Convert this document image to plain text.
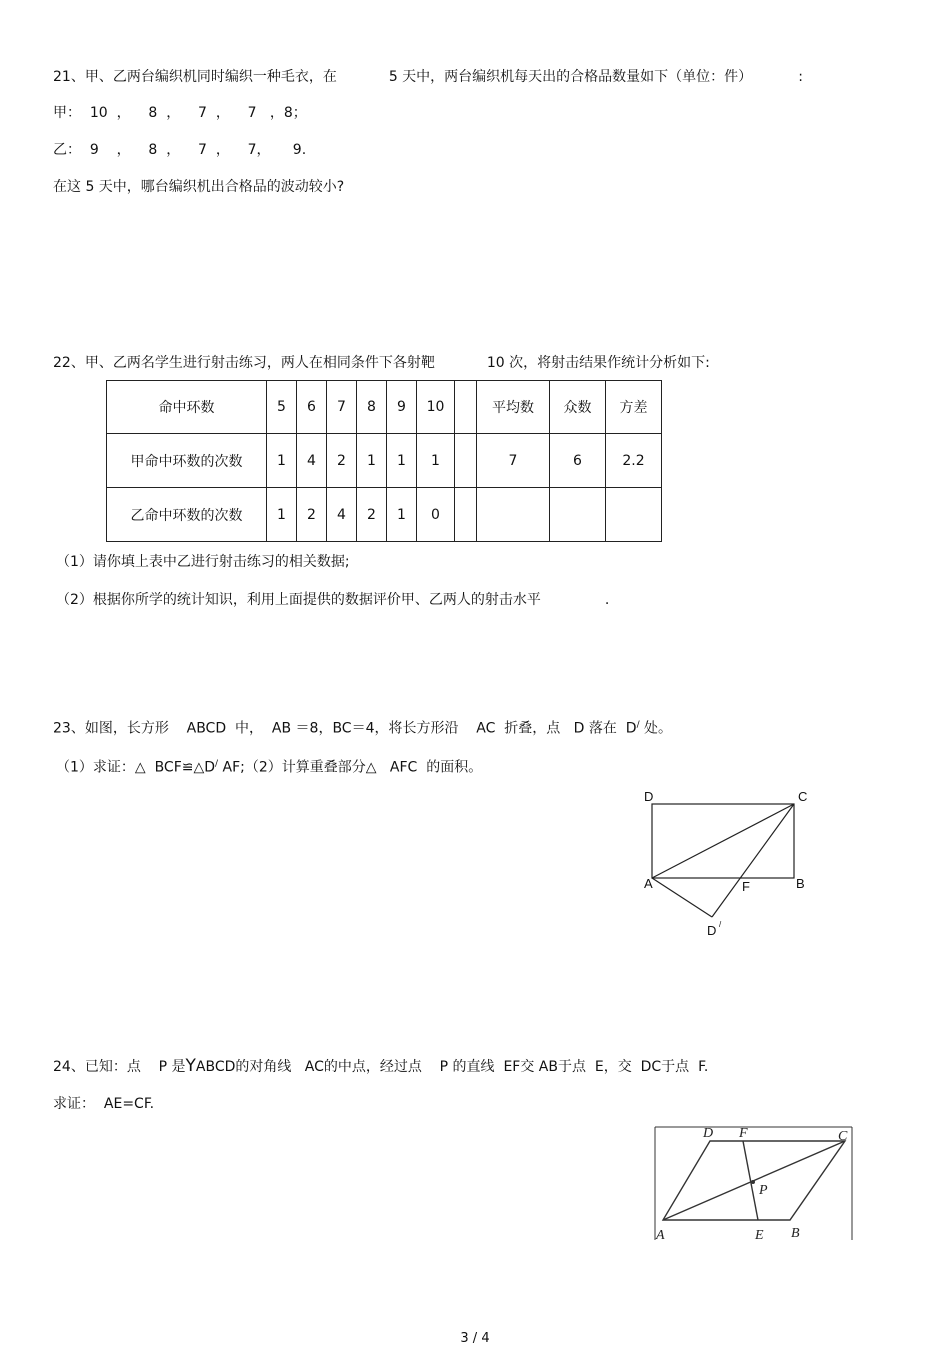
21、甲、乙两台编织机同时编织一种毛衣，在	5 天中，两台编织机每天出的合格品数量如下（单位：件）	:
甲：  10  ，    8  ，    7  ，    7   ，8；
乙：  9    ，    8  ，    7  ，    7，     9.
在这 5 天中，哪台编织机出合格品的波动较小?
22、甲、乙两名学生进行射击练习，两人在相同条件下各射靶	10 次，将射击结果作统计分析如下:
命中环数	5	6	7	8	9	10		平均数	众数	方差
甲命中环数的次数	1	4	2	1	1	1		7	6	2.2
乙命中环数的次数	1	2	4	2	1	0				
（1）请你填上表中乙进行射击练习的相关数据;
（2）根据你所学的统计知识，利用上面提供的数据评价甲、乙两人的射击水平	.
23、如图，长方形    ABCD  中，  AB ＝8，BC＝4，将长方形沿    AC  折叠，点   D 落在  D/ 处。
（1）求证：△  BCF≌△D/ AF;（2）计算重叠部分△   AFC  的面积。
D	C
A	F	B
D /
24、已知：点    P 是YABCD的对角线   AC的中点，经过点    P 的直线  EF交 AB于点  E，交  DC于点  F.
求证：  AE=CF.
D F	C
P
A	E B
3 / 4
